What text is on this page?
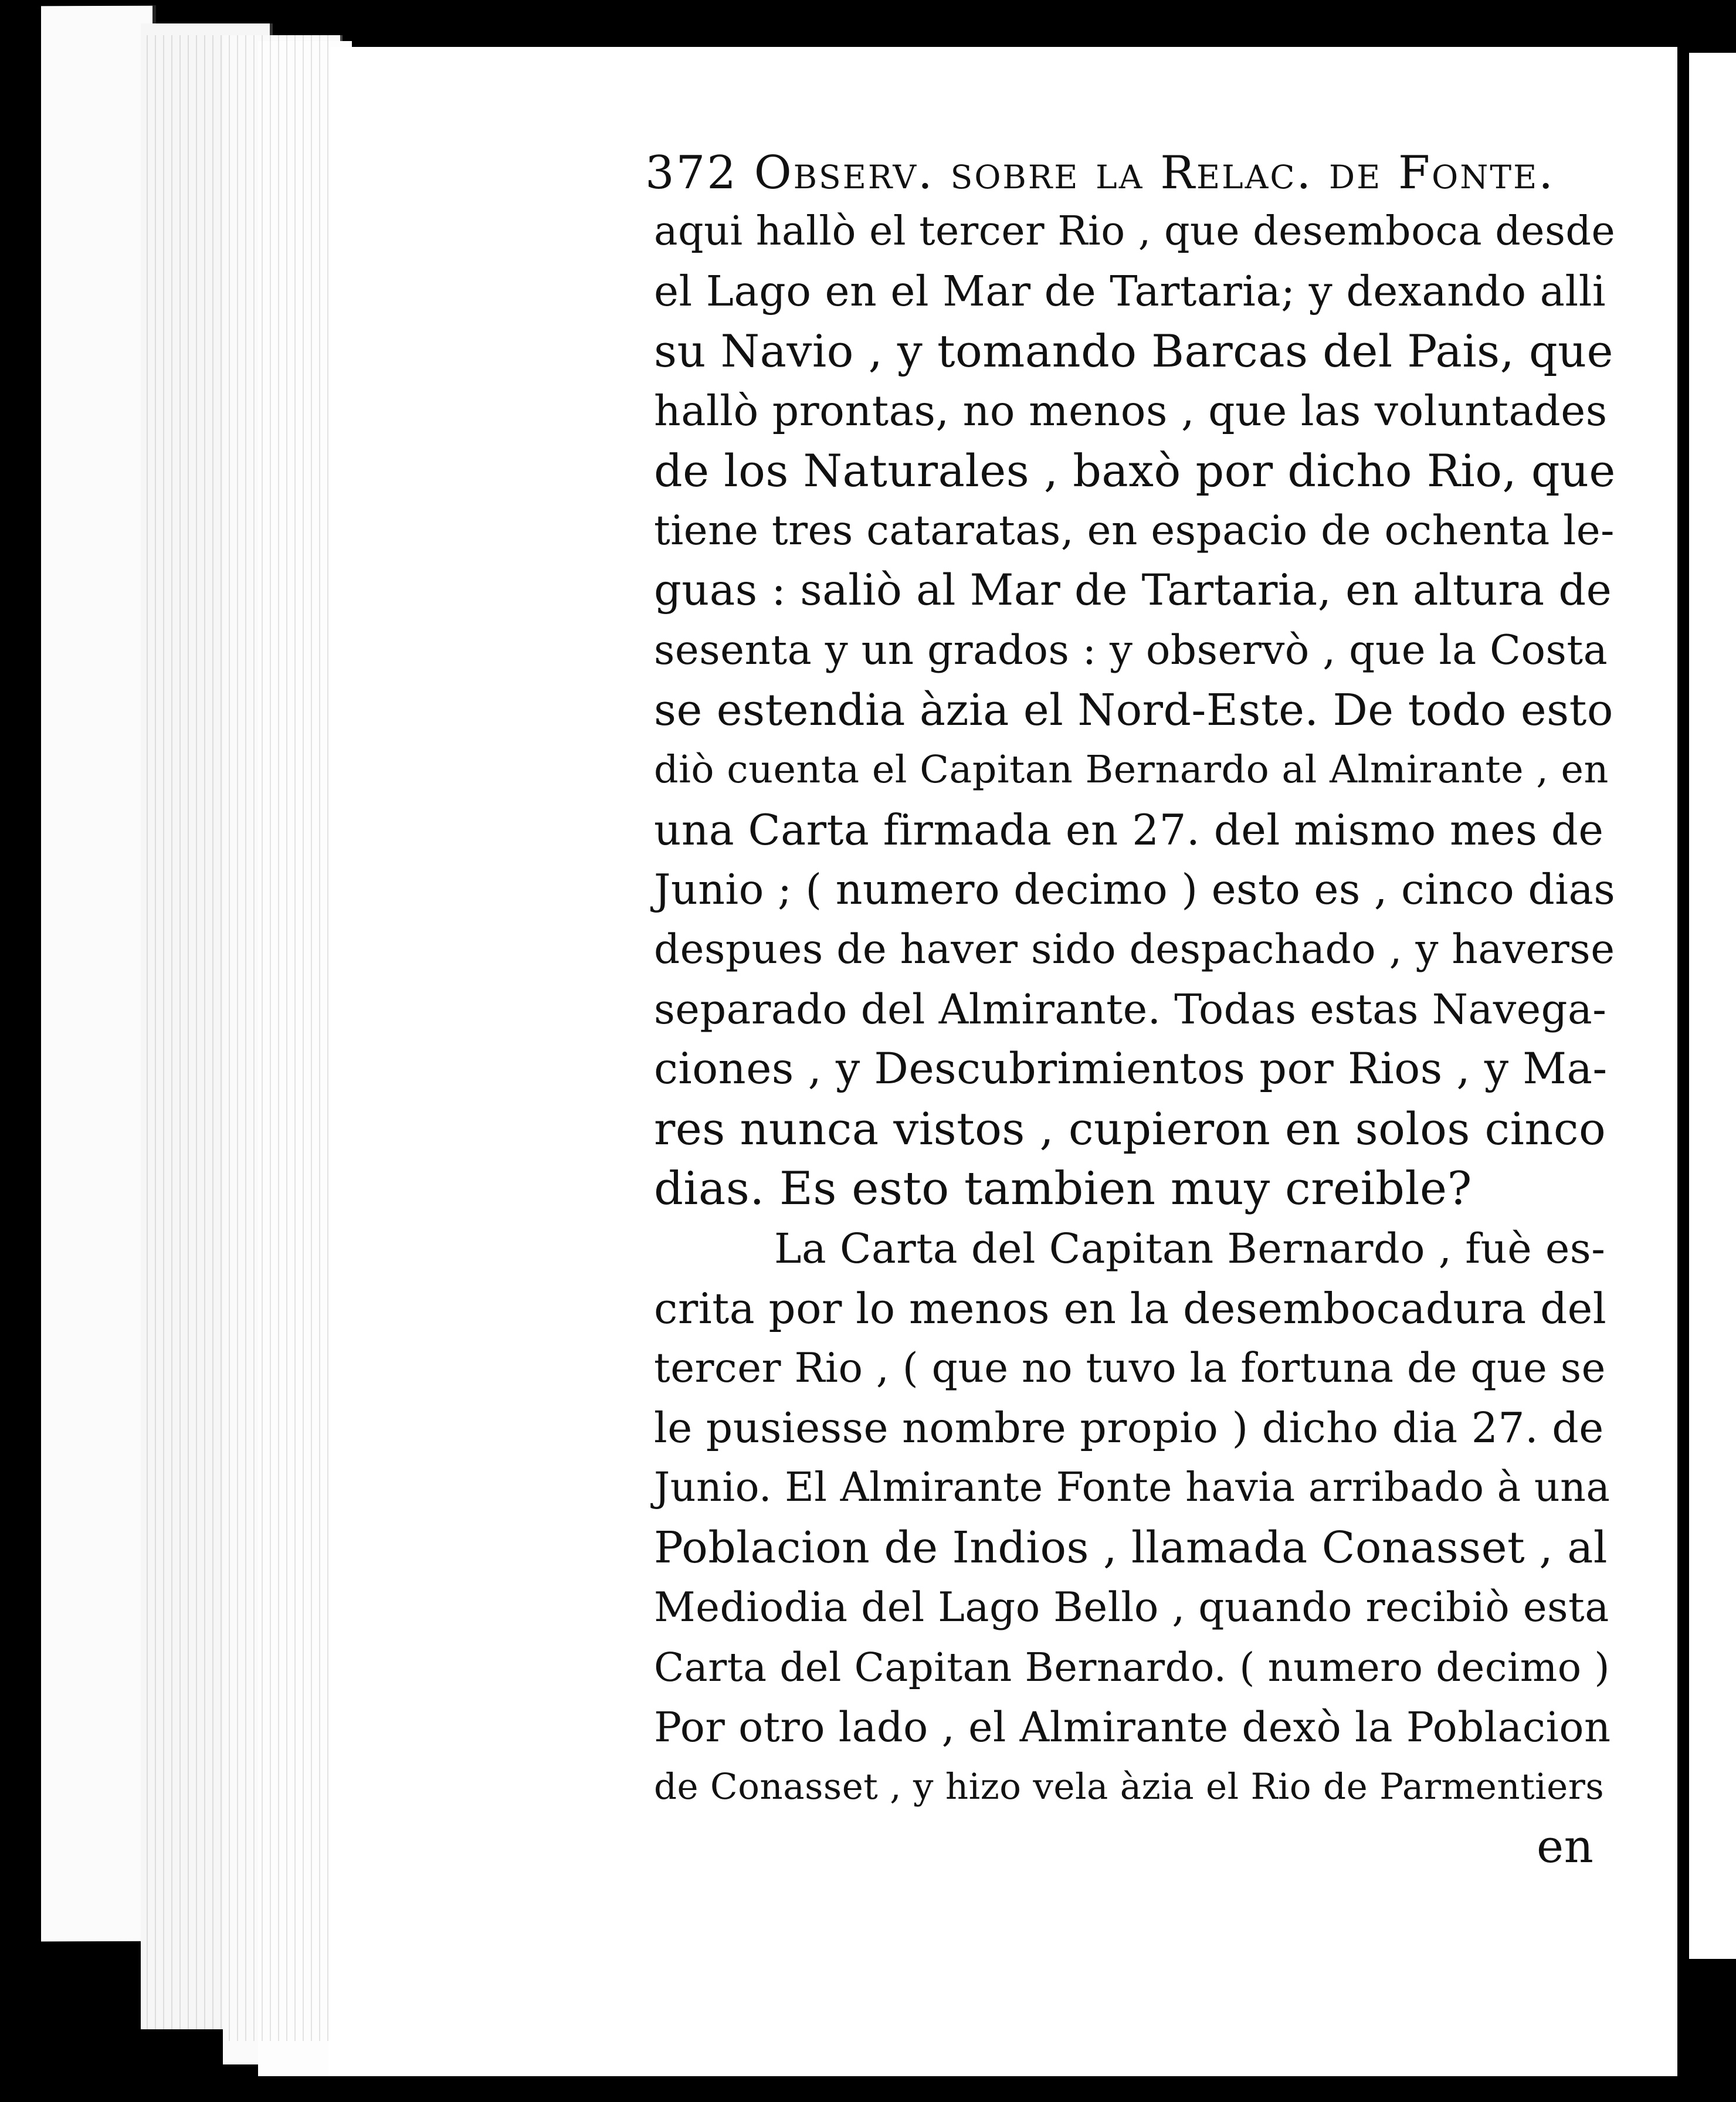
372 Observ. sobre la Relac. de Fonte.
aqui hallò el tercer Rio , que desemboca desde
el Lago en el Mar de Tartaria; y dexando alli
su Navio , y tomando Barcas del Pais, que
hallò prontas, no menos , que las voluntades
de los Naturales , baxò por dicho Rio, que
tiene tres cataratas, en espacio de ochenta le-
guas : saliò al Mar de Tartaria, en altura de
sesenta y un grados : y observò , que la Costa
se estendia àzia el Nord-Este. De todo esto
diò cuenta el Capitan Bernardo al Almirante , en
una Carta firmada en 27. del mismo mes de
Junio ; ( numero decimo ) esto es , cinco dias
despues de haver sido despachado , y haverse
separado del Almirante. Todas estas Navega-
ciones , y Descubrimientos por Rios , y Ma-
res nunca vistos , cupieron en solos cinco
dias. Es esto tambien muy creible?
La Carta del Capitan Bernardo , fuè es-
crita por lo menos en la desembocadura del
tercer Rio , ( que no tuvo la fortuna de que se
le pusiesse nombre propio ) dicho dia 27. de
Junio. El Almirante Fonte havia arribado à una
Poblacion de Indios , llamada Conasset , al
Mediodia del Lago Bello , quando recibiò esta
Carta del Capitan Bernardo. ( numero decimo )
Por otro lado , el Almirante dexò la Poblacion
de Conasset , y hizo vela àzia el Rio de Parmentiers
en
